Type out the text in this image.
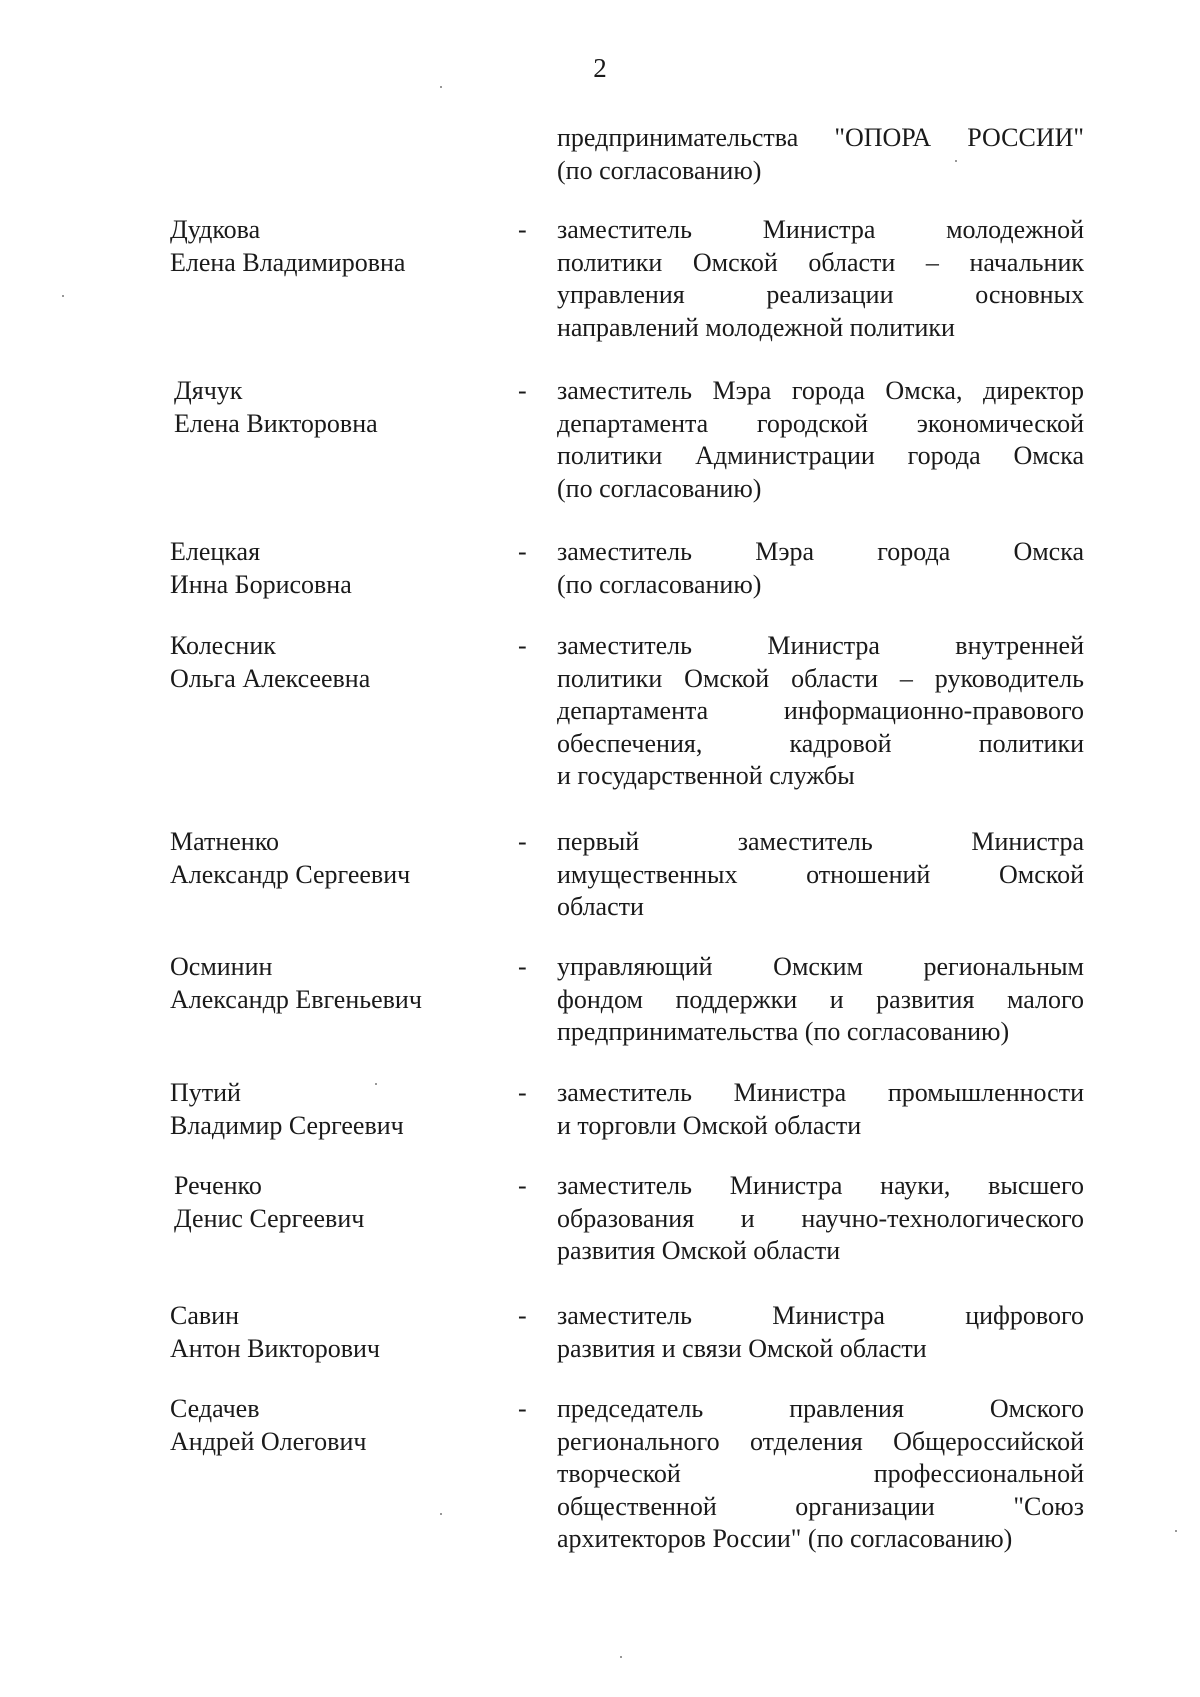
2
предпринимательства "ОПОРА РОССИИ"
(по согласованию)
Дудкова
Елена Владимировна
- заместитель Министра молодежной
политики Омской области – начальник
управления реализации основных
направлений молодежной политики
Дячук
Елена Викторовна
- заместитель Мэра города Омска, директор
департамента городской экономической
политики Администрации города Омска
(по согласованию)
Елецкая
Инна Борисовна
- заместитель Мэра города Омска
(по согласованию)
Колесник
Ольга Алексеевна
- заместитель Министра внутренней
политики Омской области – руководитель
департамента информационно-правового
обеспечения, кадровой политики
и государственной службы
Матненко
Александр Сергеевич
- первый заместитель Министра
имущественных отношений Омской
области
Осминин
Александр Евгеньевич
- управляющий Омским региональным
фондом поддержки и развития малого
предпринимательства (по согласованию)
Путий
Владимир Сергеевич
- заместитель Министра промышленности
и торговли Омской области
Реченко
Денис Сергеевич
- заместитель Министра науки, высшего
образования и научно-технологического
развития Омской области
Савин
Антон Викторович
- заместитель Министра цифрового
развития и связи Омской области
Седачев
Андрей Олегович
- председатель правления Омского
регионального отделения Общероссийской
творческой профессиональной
общественной организации "Союз
архитекторов России" (по согласованию)
